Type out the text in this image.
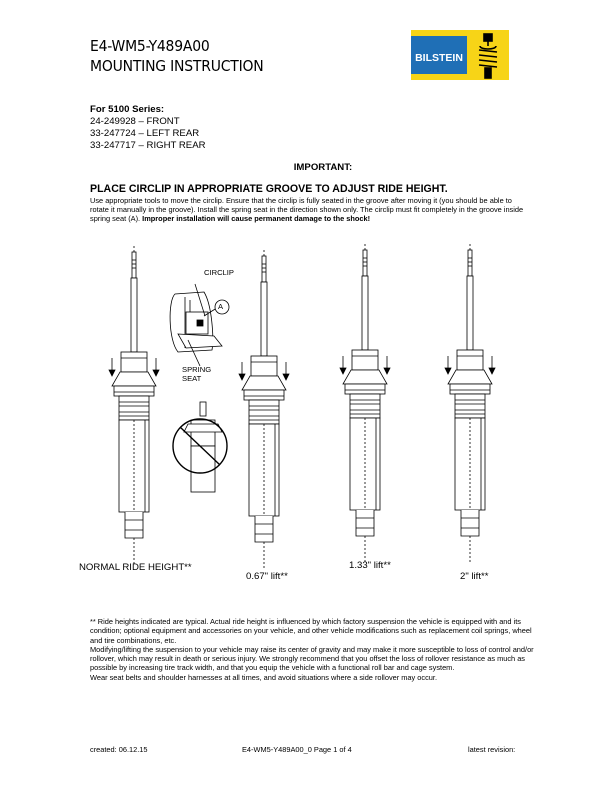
E4-WM5-Y489A00
MOUNTING INSTRUCTION	BILSTEIN
For 5100 Series:
24-249928 – FRONT
33-247724 – LEFT REAR
33-247717 – RIGHT REAR
IMPORTANT:
PLACE CIRCLIP IN APPROPRIATE GROOVE TO ADJUST RIDE HEIGHT.
Use appropriate tools to move the circlip. Ensure that the circlip is fully seated in the groove after moving it (you should be able to rotate it manually in the groove). Install the spring seat in the direction shown only. The circlip must fit completely in the groove inside spring seat (A). Improper installation will cause permanent damage to the shock!
CIRCLIP
A
SPRING
SEAT
NORMAL RIDE HEIGHT**
0.67" lift**
1.33" lift**
2" lift**

** Ride heights indicated are typical. Actual ride height is influenced by which factory suspension the vehicle is equipped with and its condition; optional equipment and accessories on your vehicle, and other vehicle modifications such as replacement coil springs, wheel and tire combinations, etc.

Modifying/lifting the suspension to your vehicle may raise its center of gravity and may make it more susceptible to loss of control and/or rollover, which may result in death or serious injury. We strongly recommend that you offset the loss of rollover resistance as much as possible by increasing tire track width, and that you equip the vehicle with a functional roll bar and cage system.

Wear seat belts and shoulder harnesses at all times, and avoid situations where a side rollover may occur.

created: 06.12.15	E4-WM5-Y489A00_0 Page 1 of 4	latest revision:
